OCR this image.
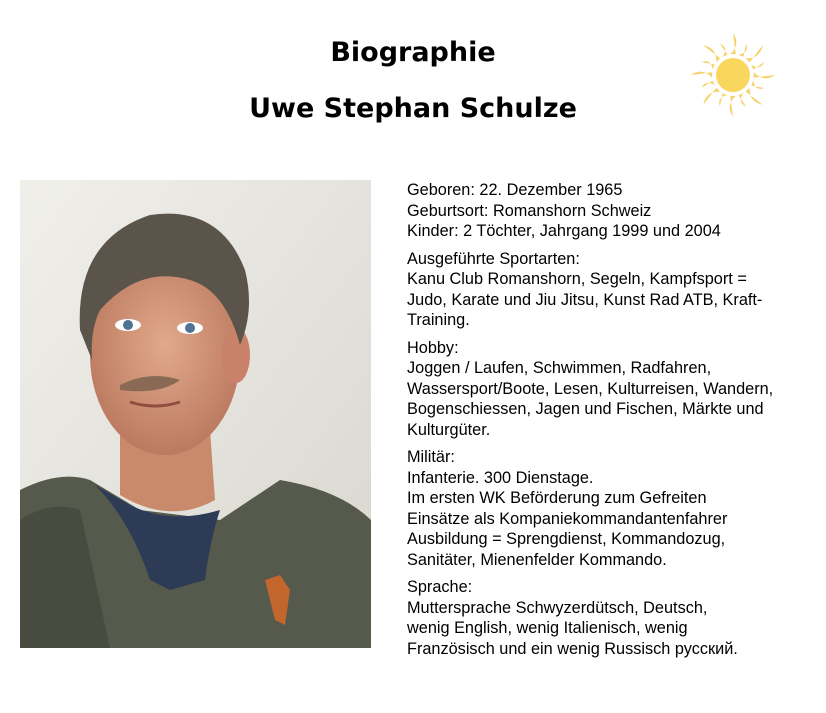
Biographie
Uwe Stephan Schulze
Geboren: 22. Dezember 1965
Geburtsort: Romanshorn Schweiz
Kinder: 2 Töchter, Jahrgang 1999 und 2004
Ausgeführte Sportarten:
Kanu Club Romanshorn, Segeln, Kampfsport =
Judo, Karate und Jiu Jitsu, Kunst Rad ATB, Kraft-
Training.
Hobby:
Joggen / Laufen, Schwimmen, Radfahren,
Wassersport/Boote, Lesen, Kulturreisen, Wandern,
Bogenschiessen, Jagen und Fischen, Märkte und
Kulturgüter.
Militär:
Infanterie. 300 Dienstage.
Im ersten WK Beförderung zum Gefreiten
Einsätze als Kompaniekommandantenfahrer
Ausbildung = Sprengdienst, Kommandozug,
Sanitäter, Mienenfelder Kommando.
Sprache:
Muttersprache Schwyzerdütsch, Deutsch,
wenig English, wenig Italienisch, wenig
Französisch und ein wenig Russisch русский.
